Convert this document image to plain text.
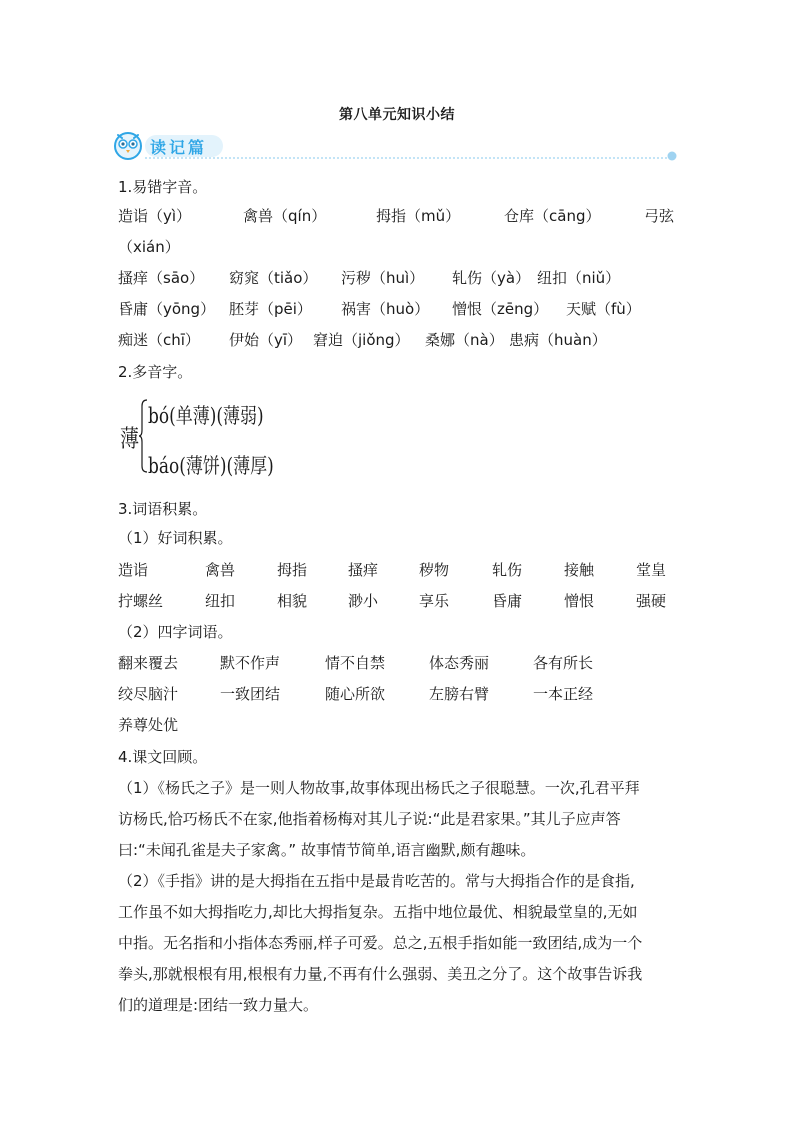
第八单元知识小结
读记篇
1.易错字音。
造诣（yì）	禽兽（qín）	拇指（mǔ）	仓库（cāng）	弓弦
（xián）
搔痒（sāo） 窈窕（tiǎo） 污秽（huì） 轧伤（yà） 纽扣（niǔ）
昏庸（yōng） 胚芽（pēi） 祸害（huò） 憎恨（zēng） 天赋（fù）
痴迷（chī） 伊始（yī） 窘迫（jiǒng） 桑娜（nà） 患病（huàn）
2.多音字。
薄
bó(单薄)(薄弱)
báo(薄饼)(薄厚)
3.词语积累。
（1）好词积累。
造诣	禽兽	拇指	搔痒	秽物	轧伤	接触	堂皇
拧螺丝	纽扣	相貌	渺小	享乐	昏庸	憎恨	强硬
（2）四字词语。
翻来覆去	默不作声	情不自禁	体态秀丽	各有所长
绞尽脑汁	一致团结	随心所欲	左膀右臂	一本正经
养尊处优
4.课文回顾。
（1）《杨氏之子》是一则人物故事,故事体现出杨氏之子很聪慧。一次,孔君平拜
访杨氏,恰巧杨氏不在家,他指着杨梅对其儿子说:“此是君家果。”其儿子应声答
曰:“未闻孔雀是夫子家禽。” 故事情节简单,语言幽默,颇有趣味。
（2）《手指》讲的是大拇指在五指中是最肯吃苦的。常与大拇指合作的是食指,
工作虽不如大拇指吃力,却比大拇指复杂。五指中地位最优、相貌最堂皇的,无如
中指。无名指和小指体态秀丽,样子可爱。总之,五根手指如能一致团结,成为一个
拳头,那就根根有用,根根有力量,不再有什么强弱、美丑之分了。这个故事告诉我
们的道理是:团结一致力量大。
